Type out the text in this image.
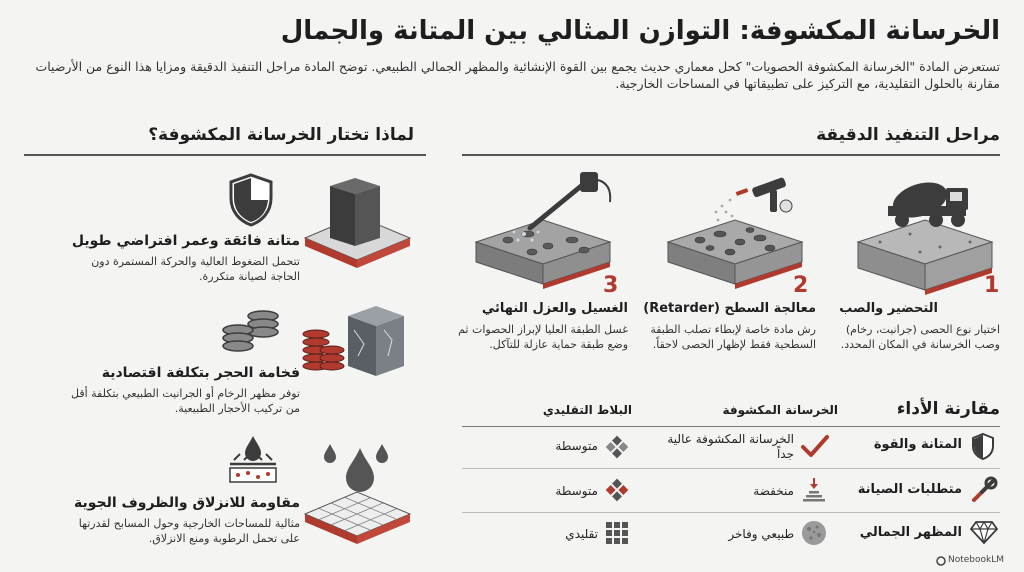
الخرسانة المكشوفة: التوازن المثالي بين المتانة والجمال
تستعرض المادة "الخرسانة المكشوفة الحصويات" كحل معماري حديث يجمع بين القوة الإنشائية والمظهر الجمالي الطبيعي. توضح المادة مراحل التنفيذ الدقيقة ومزايا هذا النوع من الأرضيات مقارنة بالحلول التقليدية، مع التركيز على تطبيقاتها في المساحات الخارجية.
مراحل التنفيذ الدقيقة
لماذا تختار الخرسانة المكشوفة؟
1
التحضير والصب
اختيار نوع الحصى (جرانيت، رخام) وصب الخرسانة في المكان المحدد.
2
معالجة السطح (Retarder)
رش مادة خاصة لإبطاء تصلب الطبقة السطحية فقط لإظهار الحصى لاحقاً.
3
الغسيل والعزل النهائي
غسل الطبقة العليا لإبراز الحصوات ثم وضع طبقة حماية عازلة للتآكل.
متانة فائقة وعمر افتراضي طويل
تتحمل الضغوط العالية والحركة المستمرة دون الحاجة لصيانة متكررة.
فخامة الحجر بتكلفة اقتصادية
توفر مظهر الرخام أو الجرانيت الطبيعي بتكلفة أقل من تركيب الأحجار الطبيعية.
مقاومة للانزلاق والظروف الجوية
مثالية للمساحات الخارجية وحول المسابح لقدرتها على تحمل الرطوبة ومنع الانزلاق.
مقارنة الأداء
الخرسانة المكشوفة
البلاط التقليدي
المتانة والقوة
الخرسانة المكشوفة عالية جداً
متوسطة
متطلبات الصيانة
منخفضة
متوسطة
المظهر الجمالي
طبيعي وفاخر
تقليدي
NotebookLM
